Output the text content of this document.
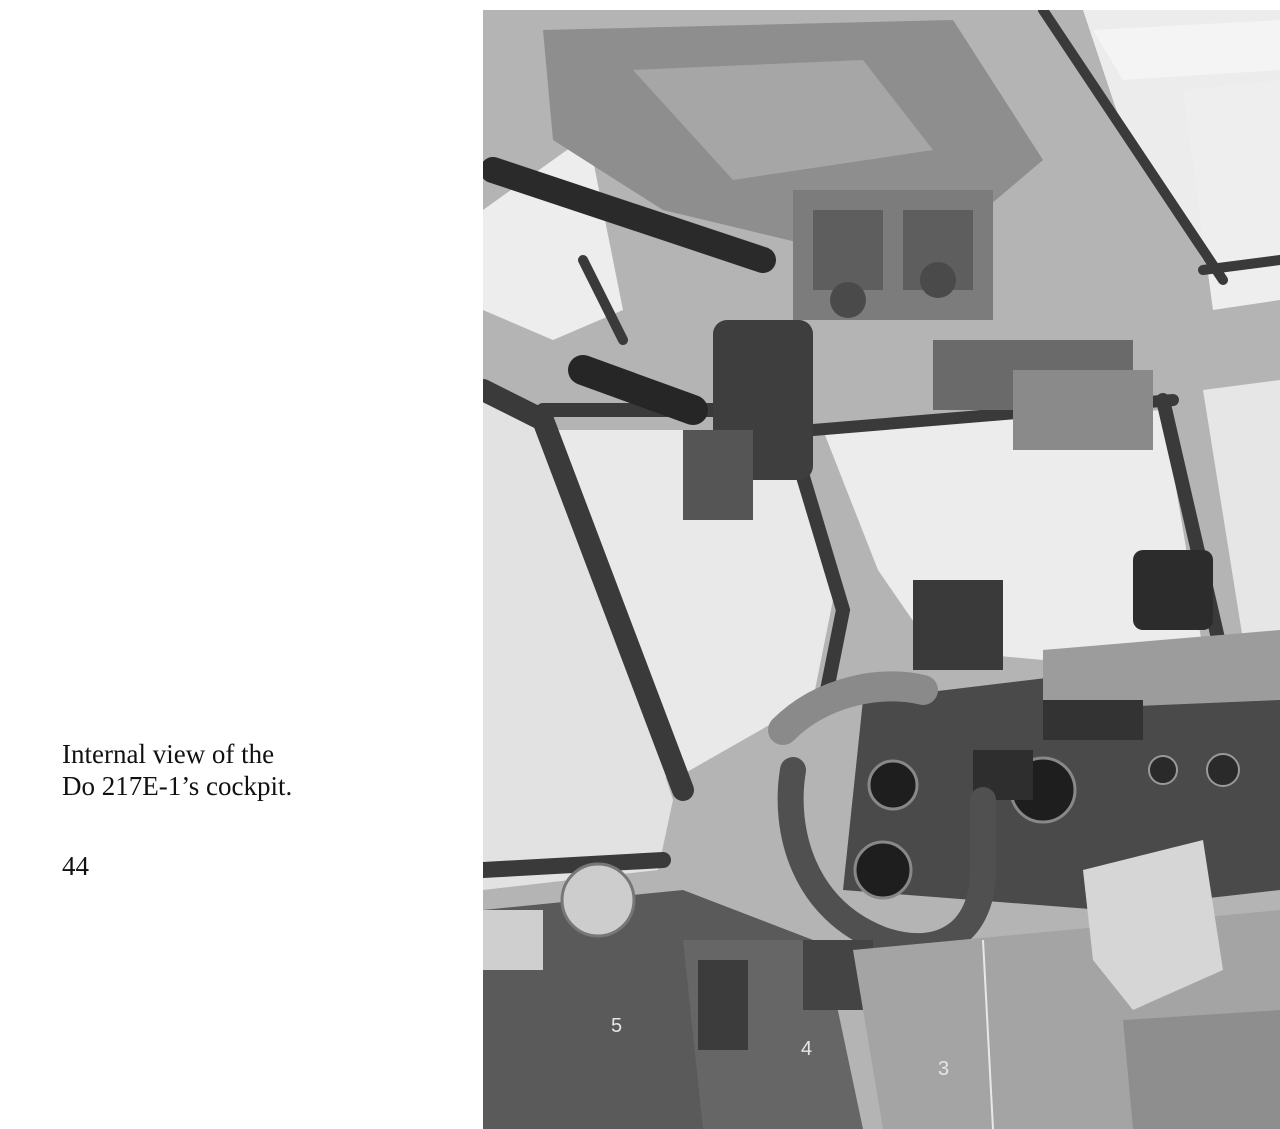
Internal view of the
Do 217E-1’s cockpit.
44
5
4
3
